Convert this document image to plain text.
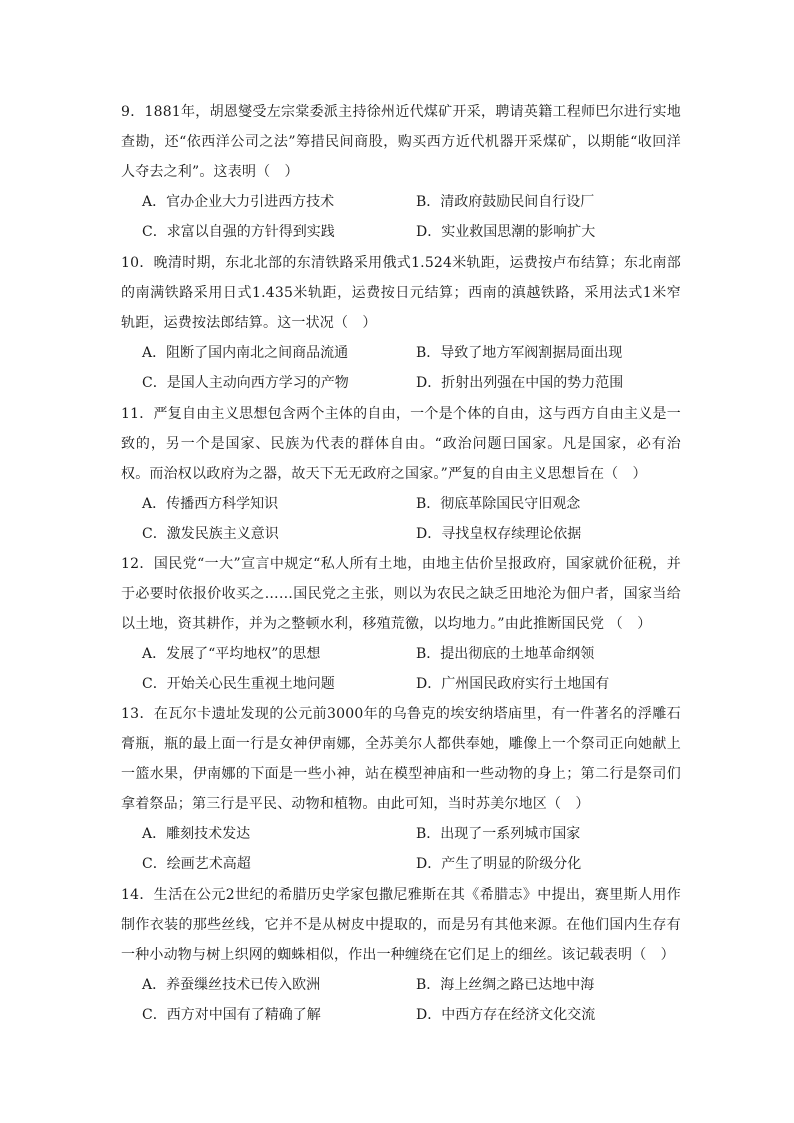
9．1881年，胡恩燮受左宗棠委派主持徐州近代煤矿开采，聘请英籍工程师巴尔进行实地查勘，还“依西洋公司之法”筹措民间商股，购买西方近代机器开采煤矿，以期能“收回洋人夺去之利”。这表明（　）

A．官办企业大力引进西方技术	B．清政府鼓励民间自行设厂
C．求富以自强的方针得到实践	D．实业救国思潮的影响扩大

10．晚清时期，东北北部的东清铁路采用俄式1.524米轨距，运费按卢布结算；东北南部的南满铁路采用日式1.435米轨距，运费按日元结算；西南的滇越铁路，采用法式1米窄轨距，运费按法郎结算。这一状况（　）

A．阻断了国内南北之间商品流通	B．导致了地方军阀割据局面出现
C．是国人主动向西方学习的产物	D．折射出列强在中国的势力范围

11．严复自由主义思想包含两个主体的自由，一个是个体的自由，这与西方自由主义是一致的，另一个是国家、民族为代表的群体自由。“政治问题曰国家。凡是国家，必有治权。而治权以政府为之器，故天下无无政府之国家。”严复的自由主义思想旨在（　）

A．传播西方科学知识	B．彻底革除国民守旧观念
C．激发民族主义意识	D．寻找皇权存续理论依据

12．国民党“一大”宣言中规定“私人所有土地，由地主估价呈报政府，国家就价征税，并于必要时依报价收买之……国民党之主张，则以为农民之缺乏田地沦为佃户者，国家当给以土地，资其耕作，并为之整顿水利，移殖荒徼，以均地力。”由此推断国民党 （　）

A．发展了“平均地权”的思想	B．提出彻底的土地革命纲领
C．开始关心民生重视土地问题	D．广州国民政府实行土地国有

13．在瓦尔卡遗址发现的公元前3000年的乌鲁克的埃安纳塔庙里，有一件著名的浮雕石膏瓶，瓶的最上面一行是女神伊南娜，全苏美尔人都供奉她，雕像上一个祭司正向她献上一篮水果，伊南娜的下面是一些小神，站在模型神庙和一些动物的身上；第二行是祭司们拿着祭品；第三行是平民、动物和植物。由此可知，当时苏美尔地区（　）

A．雕刻技术发达	B．出现了一系列城市国家
C．绘画艺术高超	D．产生了明显的阶级分化

14．生活在公元2世纪的希腊历史学家包撒尼雅斯在其《希腊志》中提出，赛里斯人用作制作衣装的那些丝线，它并不是从树皮中提取的，而是另有其他来源。在他们国内生存有一种小动物与树上织网的蜘蛛相似，作出一种缠绕在它们足上的细丝。该记载表明（　）

A．养蚕缫丝技术已传入欧洲	B．海上丝绸之路已达地中海
C．西方对中国有了精确了解	D．中西方存在经济文化交流
